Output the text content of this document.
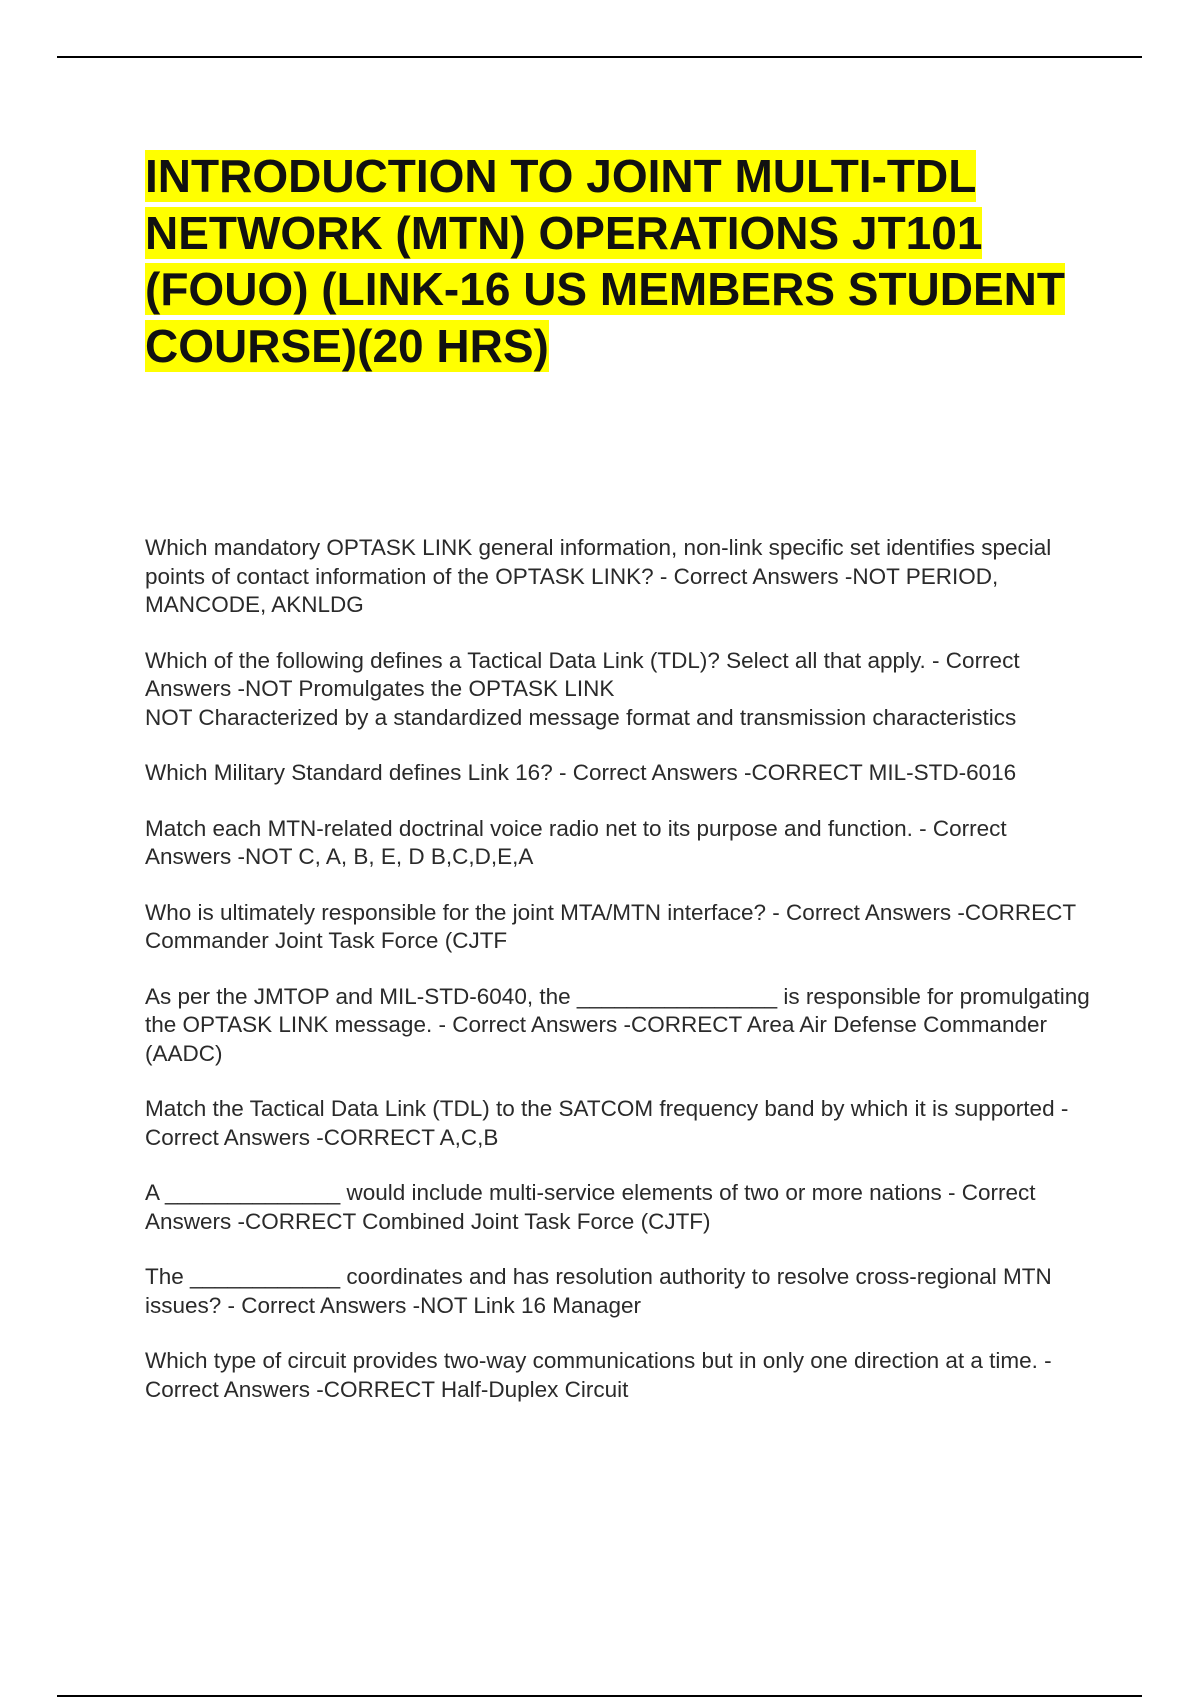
INTRODUCTION TO JOINT MULTI-TDL NETWORK (MTN) OPERATIONS JT101 (FOUO) (LINK-16 US MEMBERS STUDENT COURSE)(20 HRS)

Which mandatory OPTASK LINK general information, non-link specific set identifies special points of contact information of the OPTASK LINK? - Correct Answers -NOT PERIOD, MANCODE, AKNLDG

Which of the following defines a Tactical Data Link (TDL)? Select all that apply. - Correct Answers -NOT Promulgates the OPTASK LINK
NOT Characterized by a standardized message format and transmission characteristics

Which Military Standard defines Link 16? - Correct Answers -CORRECT MIL-STD-6016

Match each MTN-related doctrinal voice radio net to its purpose and function. - Correct Answers -NOT C, A, B, E, D B,C,D,E,A

Who is ultimately responsible for the joint MTA/MTN interface? - Correct Answers -CORRECT Commander Joint Task Force (CJTF

As per the JMTOP and MIL-STD-6040, the ________________ is responsible for promulgating the OPTASK LINK message. - Correct Answers -CORRECT Area Air Defense Commander (AADC)

Match the Tactical Data Link (TDL) to the SATCOM frequency band by which it is supported - Correct Answers -CORRECT A,C,B

A ______________ would include multi-service elements of two or more nations - Correct Answers -CORRECT Combined Joint Task Force (CJTF)

The ____________ coordinates and has resolution authority to resolve cross-regional MTN issues? - Correct Answers -NOT Link 16 Manager

Which type of circuit provides two-way communications but in only one direction at a time. - Correct Answers -CORRECT Half-Duplex Circuit
